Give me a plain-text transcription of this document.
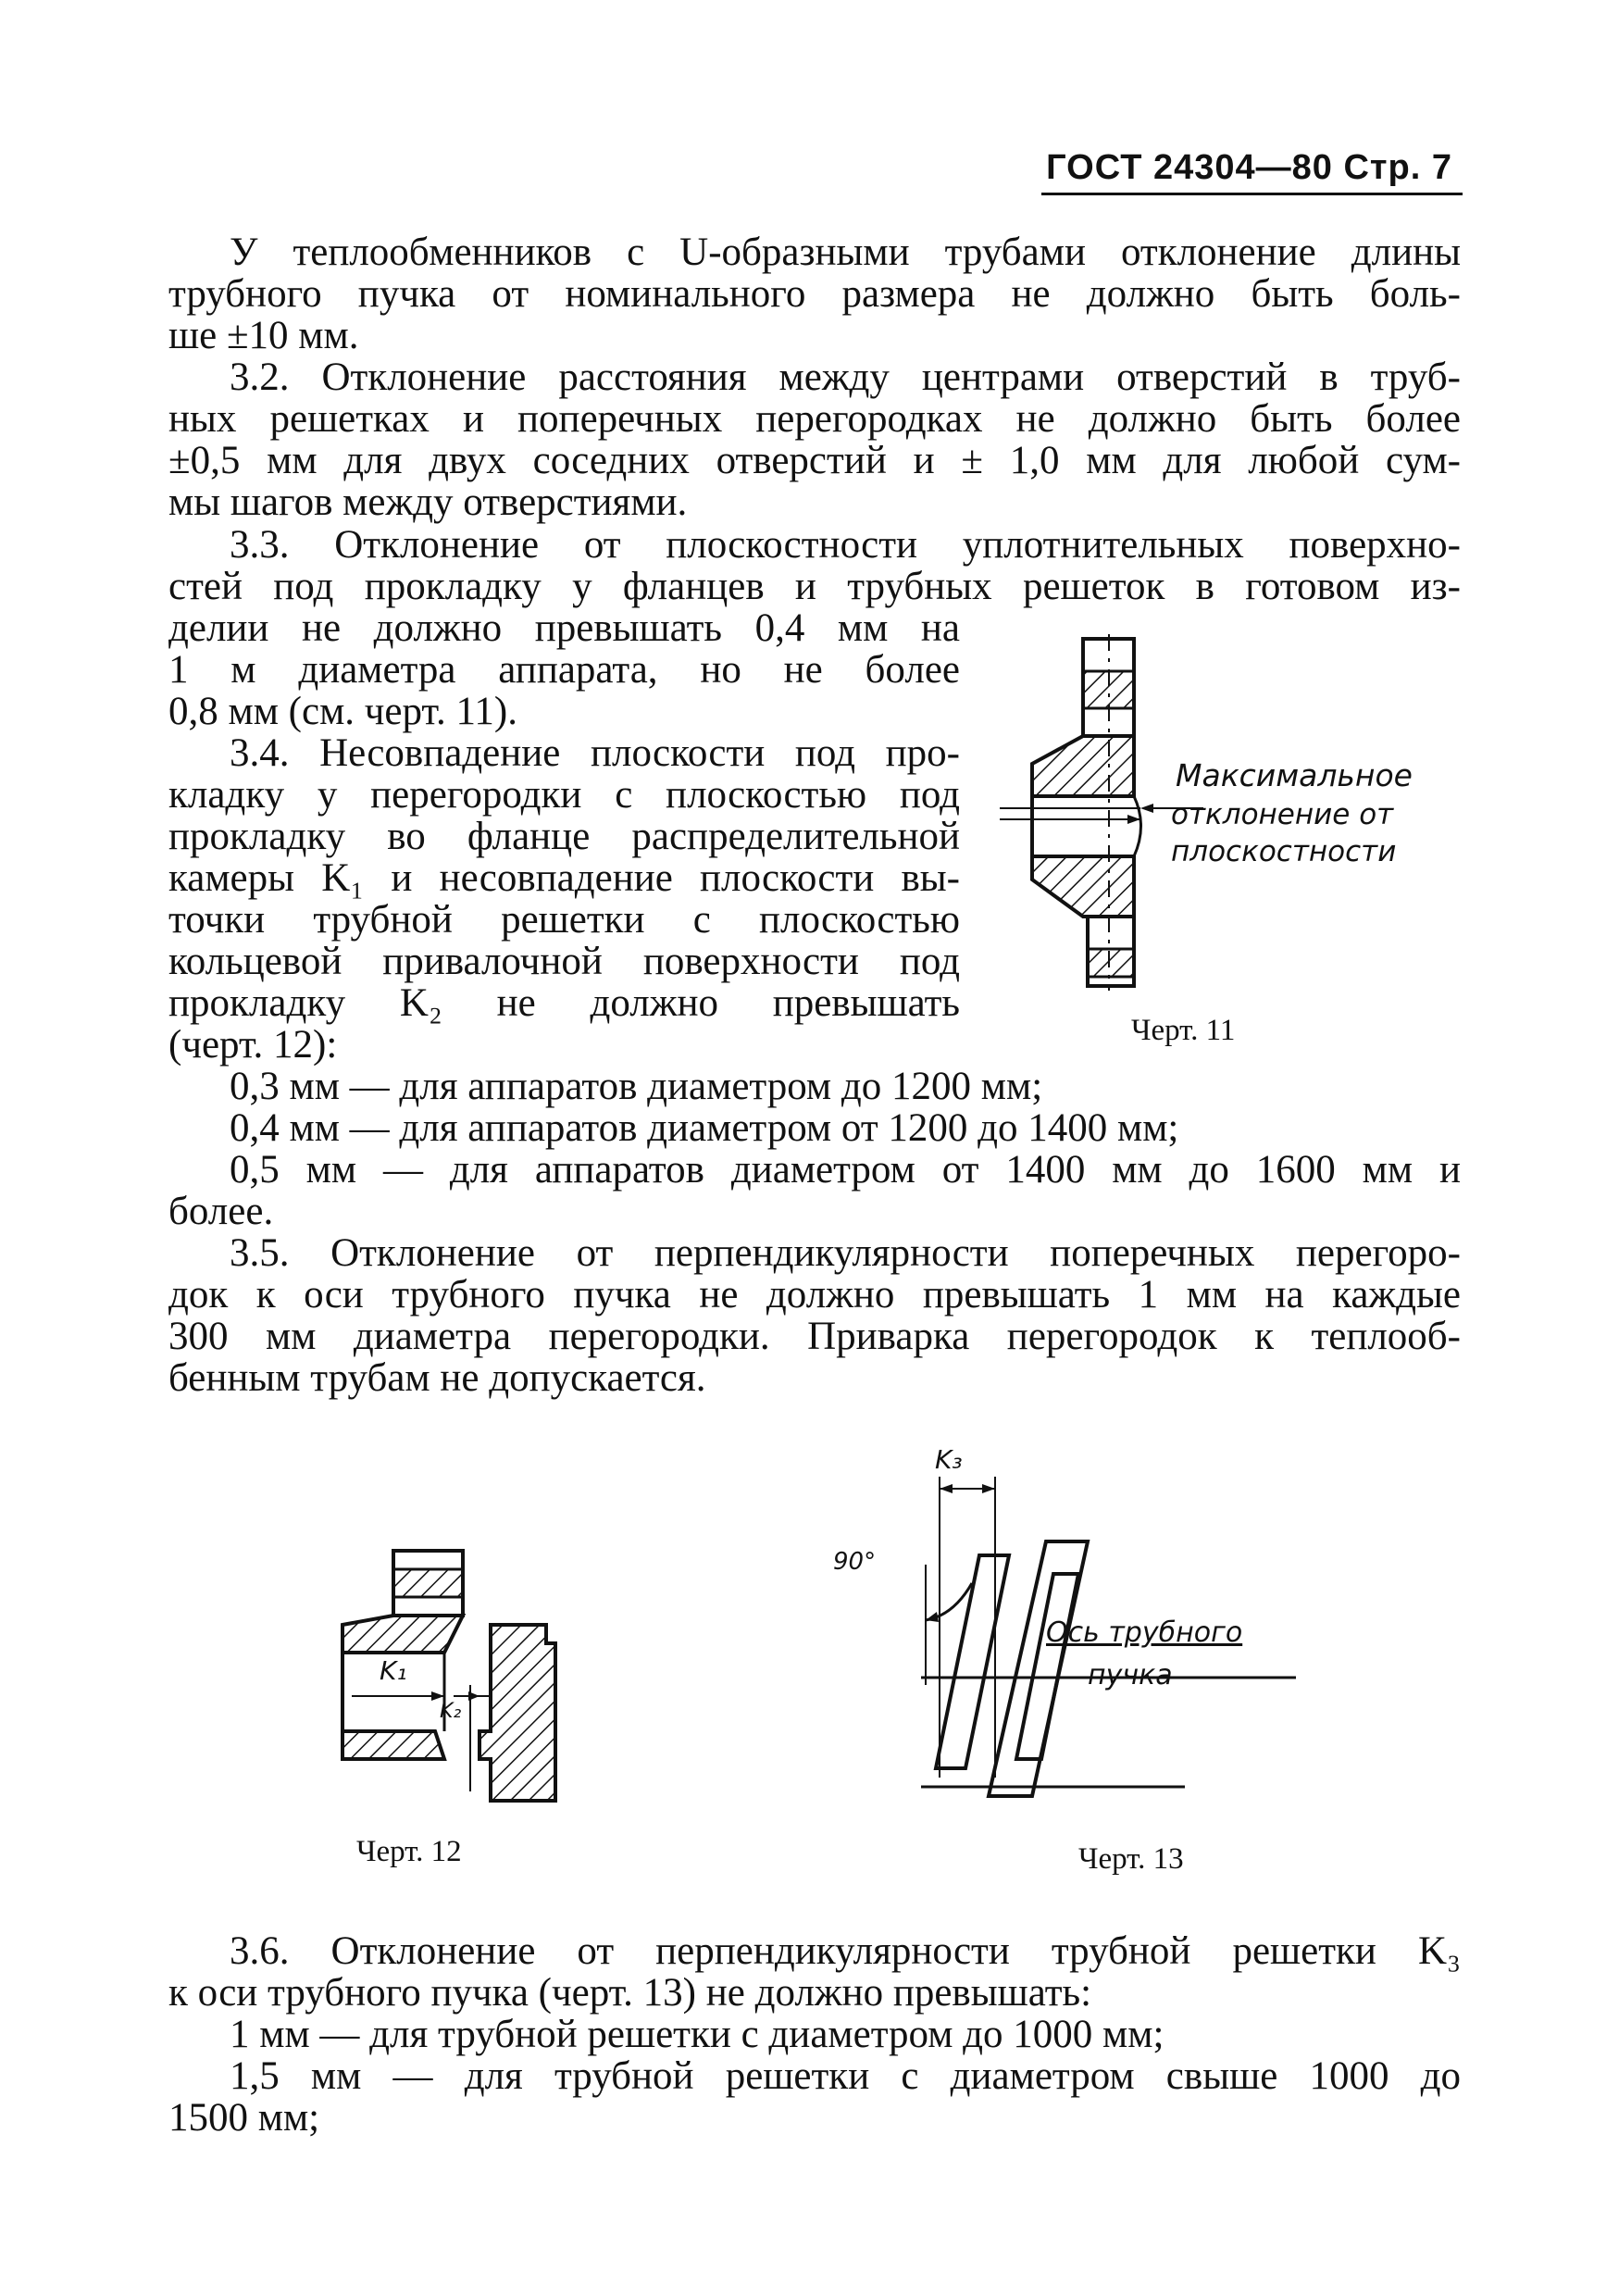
ГОСТ 24304—80 Стр. 7
У теплообменников с U-образными трубами отклонение длины
трубного пучка от номинального размера не должно быть боль-
ше ±10 мм.
3.2. Отклонение расстояния между центрами отверстий в труб-
ных решетках и поперечных перегородках не должно быть более
±0,5 мм для двух соседних отверстий и ± 1,0 мм для любой сум-
мы шагов между отверстиями.
3.3. Отклонение от плоскостности уплотнительных поверхно-
стей под прокладку у фланцев и трубных решеток в готовом из-
делии не должно превышать 0,4 мм на
1 м диаметра аппарата, но не более
0,8 мм (см. черт. 11).
3.4. Несовпадение плоскости под про-
кладку у перегородки с плоскостью под
прокладку во фланце распределительной
камеры K₁ и несовпадение плоскости вы-
точки трубной решетки с плоскостью
кольцевой привалочной поверхности под
прокладку K₂ не должно превышать
(черт. 12):
0,3 мм — для аппаратов диаметром до 1200 мм;
0,4 мм — для аппаратов диаметром от 1200 до 1400 мм;
0,5 мм — для аппаратов диаметром от 1400 мм до 1600 мм и
более.
3.5. Отклонение от перпендикулярности поперечных перегоро-
док к оси трубного пучка не должно превышать 1 мм на каждые
300 мм диаметра перегородки. Приварка перегородок к теплооб-
бенным трубам не допускается.
Максимальное
отклонение от
плоскостности
Черт. 11
K₁
K₂
Черт. 12
K₃
90°
Ось трубного
пучка
Черт. 13
3.6. Отклонение от перпендикулярности трубной решетки K₃
к оси трубного пучка (черт. 13) не должно превышать:
1 мм — для трубной решетки с диаметром до 1000 мм;
1,5 мм — для трубной решетки с диаметром свыше 1000 до
1500 мм;
